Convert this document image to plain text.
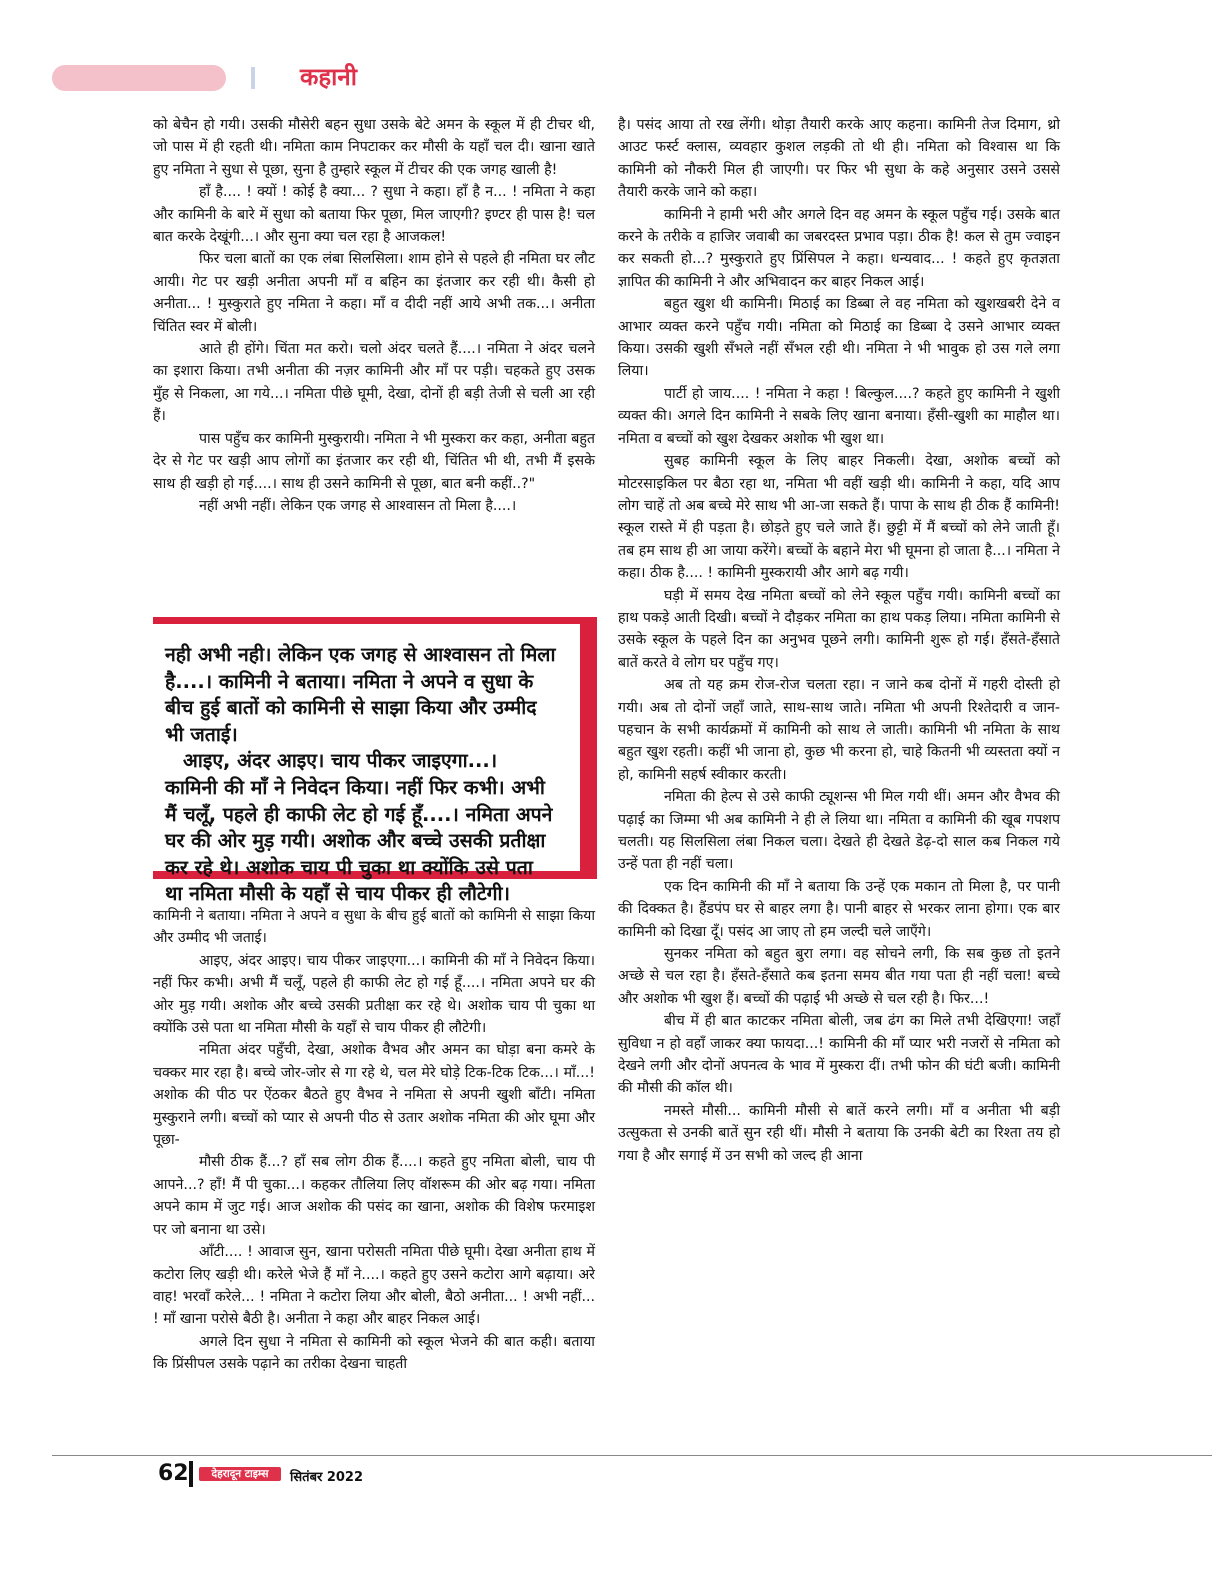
कहानी

को बेचैन हो गयी। उसकी मौसेरी बहन सुधा उसके बेटे अमन के स्कूल में ही टीचर थी, जो पास में ही रहती थी। नमिता काम निपटाकर कर मौसी के यहाँ चल दी। खाना खाते हुए नमिता ने सुधा से पूछा, सुना है तुम्हारे स्कूल में टीचर की एक जगह खाली है!

हाँ है.... ! क्यों ! कोई है क्या... ? सुधा ने कहा। हाँ है न... ! नमिता ने कहा और कामिनी के बारे में सुधा को बताया फिर पूछा, मिल जाएगी? इण्टर ही पास है! चल बात करके देखूंगी...। और सुना क्या चल रहा है आजकल!

फिर चला बातों का एक लंबा सिलसिला। शाम होने से पहले ही नमिता घर लौट आयी। गेट पर खड़ी अनीता अपनी माँ व बहिन का इंतजार कर रही थी। कैसी हो अनीता... ! मुस्कुराते हुए नमिता ने कहा। माँ व दीदी नहीं आये अभी तक...। अनीता चिंतित स्वर में बोली।

आते ही होंगे। चिंता मत करो। चलो अंदर चलते हैं....। नमिता ने अंदर चलने का इशारा किया। तभी अनीता की नज़र कामिनी और माँ पर पड़ी। चहकते हुए उसक मुँह से निकला, आ गये...। नमिता पीछे घूमी, देखा, दोनों ही बड़ी तेजी से चली आ रही हैं।

पास पहुँच कर कामिनी मुस्कुरायी। नमिता ने भी मुस्करा कर कहा, अनीता बहुत देर से गेट पर खड़ी आप लोगों का इंतजार कर रही थी, चिंतित भी थी, तभी मैं इसके साथ ही खड़ी हो गई....। साथ ही उसने कामिनी से पूछा, बात बनी कहीं..?"

नहीं अभी नहीं। लेकिन एक जगह से आश्वासन तो मिला है....।

नही अभी नही। लेकिन एक जगह से आश्वासन तो मिला है....। कामिनी ने बताया। नमिता ने अपने व सुधा के बीच हुई बातों को कामिनी से साझा किया और उम्मीद भी जताई।

आइए, अंदर आइए। चाय पीकर जाइएगा...। कामिनी की माँ ने निवेदन किया। नहीं फिर कभी। अभी मैं चलूँ, पहले ही काफी लेट हो गई हूँ....। नमिता अपने घर की ओर मुड़ गयी। अशोक और बच्चे उसकी प्रतीक्षा कर रहे थे। अशोक चाय पी चुका था क्योंकि उसे पता था नमिता मौसी के यहाँ से चाय पीकर ही लौटेगी।

कामिनी ने बताया। नमिता ने अपने व सुधा के बीच हुई बातों को कामिनी से साझा किया और उम्मीद भी जताई।

आइए, अंदर आइए। चाय पीकर जाइएगा...। कामिनी की माँ ने निवेदन किया। नहीं फिर कभी। अभी मैं चलूँ, पहले ही काफी लेट हो गई हूँ....। नमिता अपने घर की ओर मुड़ गयी। अशोक और बच्चे उसकी प्रतीक्षा कर रहे थे। अशोक चाय पी चुका था क्योंकि उसे पता था नमिता मौसी के यहाँ से चाय पीकर ही लौटेगी।

नमिता अंदर पहुँची, देखा, अशोक वैभव और अमन का घोड़ा बना कमरे के चक्कर मार रहा है। बच्चे जोर-जोर से गा रहे थे, चल मेरे घोड़े टिक-टिक टिक...। माँ...! अशोक की पीठ पर ऐंठकर बैठते हुए वैभव ने नमिता से अपनी खुशी बाँटी। नमिता मुस्कुराने लगी। बच्चों को प्यार से अपनी पीठ से उतार अशोक नमिता की ओर घूमा और पूछा-

मौसी ठीक हैं...? हाँ सब लोग ठीक हैं....। कहते हुए नमिता बोली, चाय पी आपने...? हाँ! मैं पी चुका...। कहकर तौलिया लिए वॉशरूम की ओर बढ़ गया। नमिता अपने काम में जुट गई। आज अशोक की पसंद का खाना, अशोक की विशेष फरमाइश पर जो बनाना था उसे।

आँटी.... ! आवाज सुन, खाना परोसती नमिता पीछे घूमी। देखा अनीता हाथ में कटोरा लिए खड़ी थी। करेले भेजे हैं माँ ने....। कहते हुए उसने कटोरा आगे बढ़ाया। अरे वाह! भरवाँ करेले... ! नमिता ने कटोरा लिया और बोली, बैठो अनीता... ! अभी नहीं... ! माँ खाना परोसे बैठी है। अनीता ने कहा और बाहर निकल आई।

अगले दिन सुधा ने नमिता से कामिनी को स्कूल भेजने की बात कही। बताया कि प्रिंसीपल उसके पढ़ाने का तरीका देखना चाहती

है। पसंद आया तो रख लेंगी। थोड़ा तैयारी करके आए कहना। कामिनी तेज दिमाग, थ्रो आउट फर्स्ट क्लास, व्यवहार कुशल लड़की तो थी ही। नमिता को विश्वास था कि कामिनी को नौकरी मिल ही जाएगी। पर फिर भी सुधा के कहे अनुसार उसने उससे तैयारी करके जाने को कहा।

कामिनी ने हामी भरी और अगले दिन वह अमन के स्कूल पहुँच गई। उसके बात करने के तरीके व हाजिर जवाबी का जबरदस्त प्रभाव पड़ा। ठीक है! कल से तुम ज्वाइन कर सकती हो...? मुस्कुराते हुए प्रिंसिपल ने कहा। धन्यवाद... ! कहते हुए कृतज्ञता ज्ञापित की कामिनी ने और अभिवादन कर बाहर निकल आई।

बहुत खुश थी कामिनी। मिठाई का डिब्बा ले वह नमिता को खुशखबरी देने व आभार व्यक्त करने पहुँच गयी। नमिता को मिठाई का डिब्बा दे उसने आभार व्यक्त किया। उसकी खुशी सँभले नहीं सँभल रही थी। नमिता ने भी भावुक हो उस गले लगा लिया।

पार्टी हो जाय.... ! नमिता ने कहा ! बिल्कुल....? कहते हुए कामिनी ने खुशी व्यक्त की। अगले दिन कामिनी ने सबके लिए खाना बनाया। हँसी-खुशी का माहौल था। नमिता व बच्चों को खुश देखकर अशोक भी खुश था।

सुबह कामिनी स्कूल के लिए बाहर निकली। देखा, अशोक बच्चों को मोटरसाइकिल पर बैठा रहा था, नमिता भी वहीं खड़ी थी। कामिनी ने कहा, यदि आप लोग चाहें तो अब बच्चे मेरे साथ भी आ-जा सकते हैं। पापा के साथ ही ठीक हैं कामिनी! स्कूल रास्ते में ही पड़ता है। छोड़ते हुए चले जाते हैं। छुट्टी में मैं बच्चों को लेने जाती हूँ। तब हम साथ ही आ जाया करेंगे। बच्चों के बहाने मेरा भी घूमना हो जाता है...। नमिता ने कहा। ठीक है.... ! कामिनी मुस्करायी और आगे बढ़ गयी।

घड़ी में समय देख नमिता बच्चों को लेने स्कूल पहुँच गयी। कामिनी बच्चों का हाथ पकड़े आती दिखी। बच्चों ने दौड़कर नमिता का हाथ पकड़ लिया। नमिता कामिनी से उसके स्कूल के पहले दिन का अनुभव पूछने लगी। कामिनी शुरू हो गई। हँसते-हँसाते बातें करते वे लोग घर पहुँच गए।

अब तो यह क्रम रोज-रोज चलता रहा। न जाने कब दोनों में गहरी दोस्ती हो गयी। अब तो दोनों जहाँ जाते, साथ-साथ जाते। नमिता भी अपनी रिश्तेदारी व जान-पहचान के सभी कार्यक्रमों में कामिनी को साथ ले जाती। कामिनी भी नमिता के साथ बहुत खुश रहती। कहीं भी जाना हो, कुछ भी करना हो, चाहे कितनी भी व्यस्तता क्यों न हो, कामिनी सहर्ष स्वीकार करती।

नमिता की हेल्प से उसे काफी ट्यूशन्स भी मिल गयी थीं। अमन और वैभव की पढ़ाई का जिम्मा भी अब कामिनी ने ही ले लिया था। नमिता व कामिनी की खूब गपशप चलती। यह सिलसिला लंबा निकल चला। देखते ही देखते डेढ़-दो साल कब निकल गये उन्हें पता ही नहीं चला।

एक दिन कामिनी की माँ ने बताया कि उन्हें एक मकान तो मिला है, पर पानी की दिक्कत है। हैंडपंप घर से बाहर लगा है। पानी बाहर से भरकर लाना होगा। एक बार कामिनी को दिखा दूँ। पसंद आ जाए तो हम जल्दी चले जाएँगे।

सुनकर नमिता को बहुत बुरा लगा। वह सोचने लगी, कि सब कुछ तो इतने अच्छे से चल रहा है। हँसते-हँसाते कब इतना समय बीत गया पता ही नहीं चला! बच्चे और अशोक भी खुश हैं। बच्चों की पढ़ाई भी अच्छे से चल रही है। फिर...!

बीच में ही बात काटकर नमिता बोली, जब ढंग का मिले तभी देखिएगा! जहाँ सुविधा न हो वहाँ जाकर क्या फायदा...! कामिनी की माँ प्यार भरी नजरों से नमिता को देखने लगी और दोनों अपनत्व के भाव में मुस्करा दीं। तभी फोन की घंटी बजी। कामिनी की मौसी की कॉल थी।

नमस्ते मौसी... कामिनी मौसी से बातें करने लगी। माँ व अनीता भी बड़ी उत्सुकता से उनकी बातें सुन रही थीं। मौसी ने बताया कि उनकी बेटी का रिश्ता तय हो गया है और सगाई में उन सभी को जल्द ही आना

62	देहरादून टाइम्स	सितंबर 2022
